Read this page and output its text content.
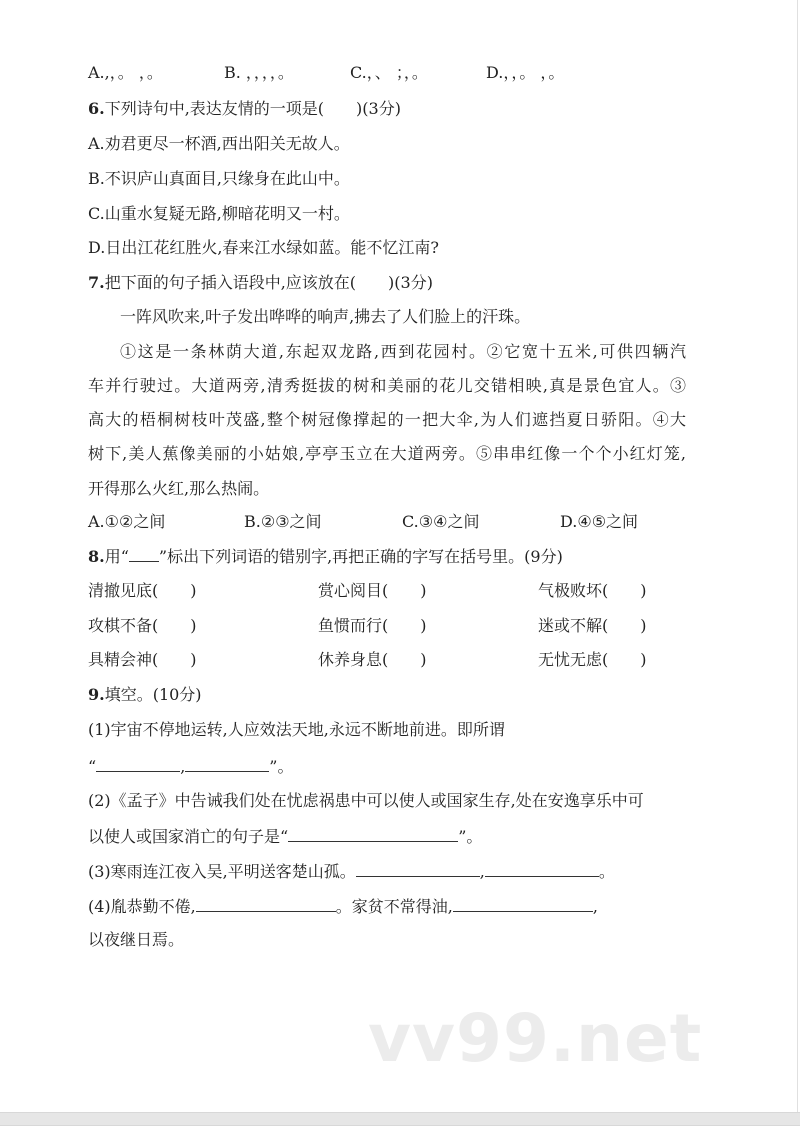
A.,，。 ，。	B. ，，，，。	C.，、 ；，。	D.，，。 ，。
6.下列诗句中,表达友情的一项是(　　)(3分)
A.劝君更尽一杯酒,西出阳关无故人。
B.不识庐山真面目,只缘身在此山中。
C.山重水复疑无路,柳暗花明又一村。
D.日出江花红胜火,春来江水绿如蓝。能不忆江南?
7.把下面的句子插入语段中,应该放在(　　)(3分)
一阵风吹来,叶子发出哗哗的响声,拂去了人们脸上的汗珠。
①这是一条林荫大道,东起双龙路,西到花园村。②它宽十五米,可供四辆汽
车并行驶过。大道两旁,清秀挺拔的树和美丽的花儿交错相映,真是景色宜人。③
高大的梧桐树枝叶茂盛,整个树冠像撑起的一把大伞,为人们遮挡夏日骄阳。④大
树下,美人蕉像美丽的小姑娘,亭亭玉立在大道两旁。⑤串串红像一个个小红灯笼,
开得那么火红,那么热闹。
A.①②之间	B.②③之间	C.③④之间	D.④⑤之间
8.用“ ”标出下列词语的错别字,再把正确的字写在括号里。(9分)
清撤见底(　　)	赏心阅目(　　)	气极败坏(　　)
攻棋不备(　　)	鱼惯而行(　　)	迷或不解(　　)
具精会神(　　)	休养身息(　　)	无忧无虑(　　)
9.填空。(10分)
(1)宇宙不停地运转,人应效法天地,永远不断地前进。即所谓
“	,	”。
(2)《孟子》中告诫我们处在忧虑祸患中可以使人或国家生存,处在安逸享乐中可
以使人或国家消亡的句子是“	”。
(3)寒雨连江夜入吴,平明送客楚山孤。	,	。
(4)胤恭勤不倦,	。家贫不常得油,	,
以夜继日焉。
vv99.net
